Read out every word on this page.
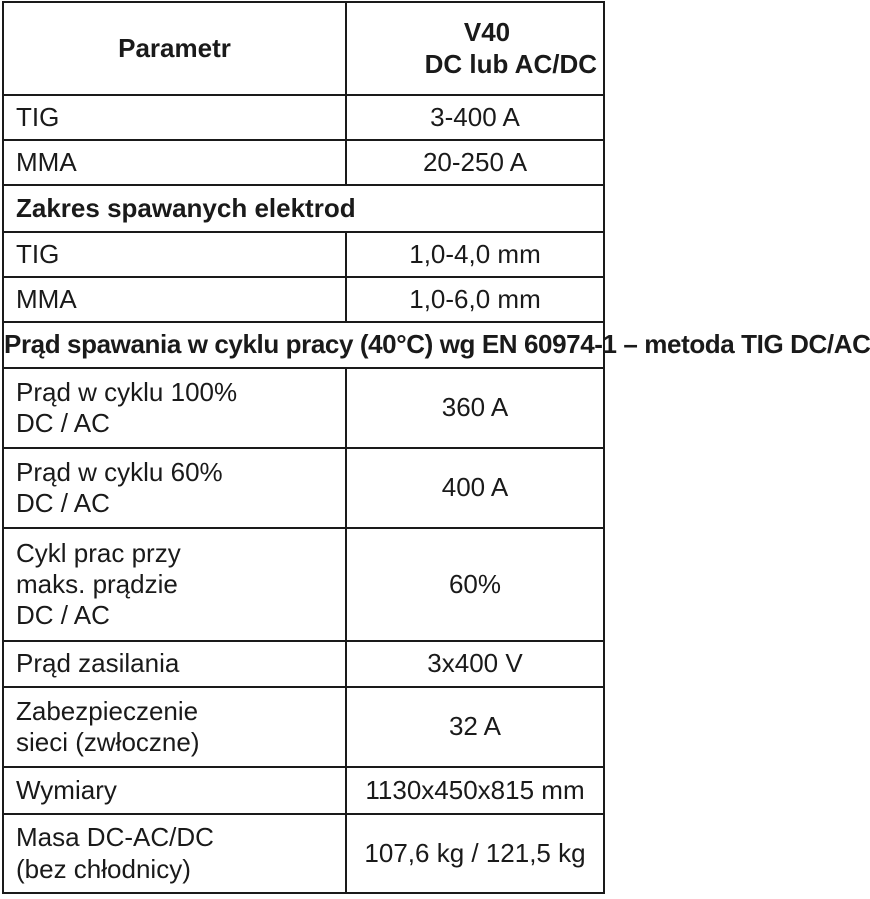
Parametr	V40
DC lub AC/DC

TIG	3-400 A
MMA	20-250 A
Zakres spawanych elektrod	
TIG	1,0-4,0 mm
MMA	1,0-6,0 mm
Prąd spawania w cyklu pracy (40°C) wg EN 60974-1 – metoda TIG DC/AC	

Prąd w cyklu 100%
DC / AC	360 A

Prąd w cyklu 60%
DC / AC	400 A

Cykl prac przy
maks. prądzie
DC / AC	60%
Prąd zasilania	3x400 V

Zabezpieczenie
sieci (zwłoczne)	32 A
Wymiary	1130x450x815 mm

Masa DC-AC/DC
(bez chłodnicy)	107,6 kg / 121,5 kg
